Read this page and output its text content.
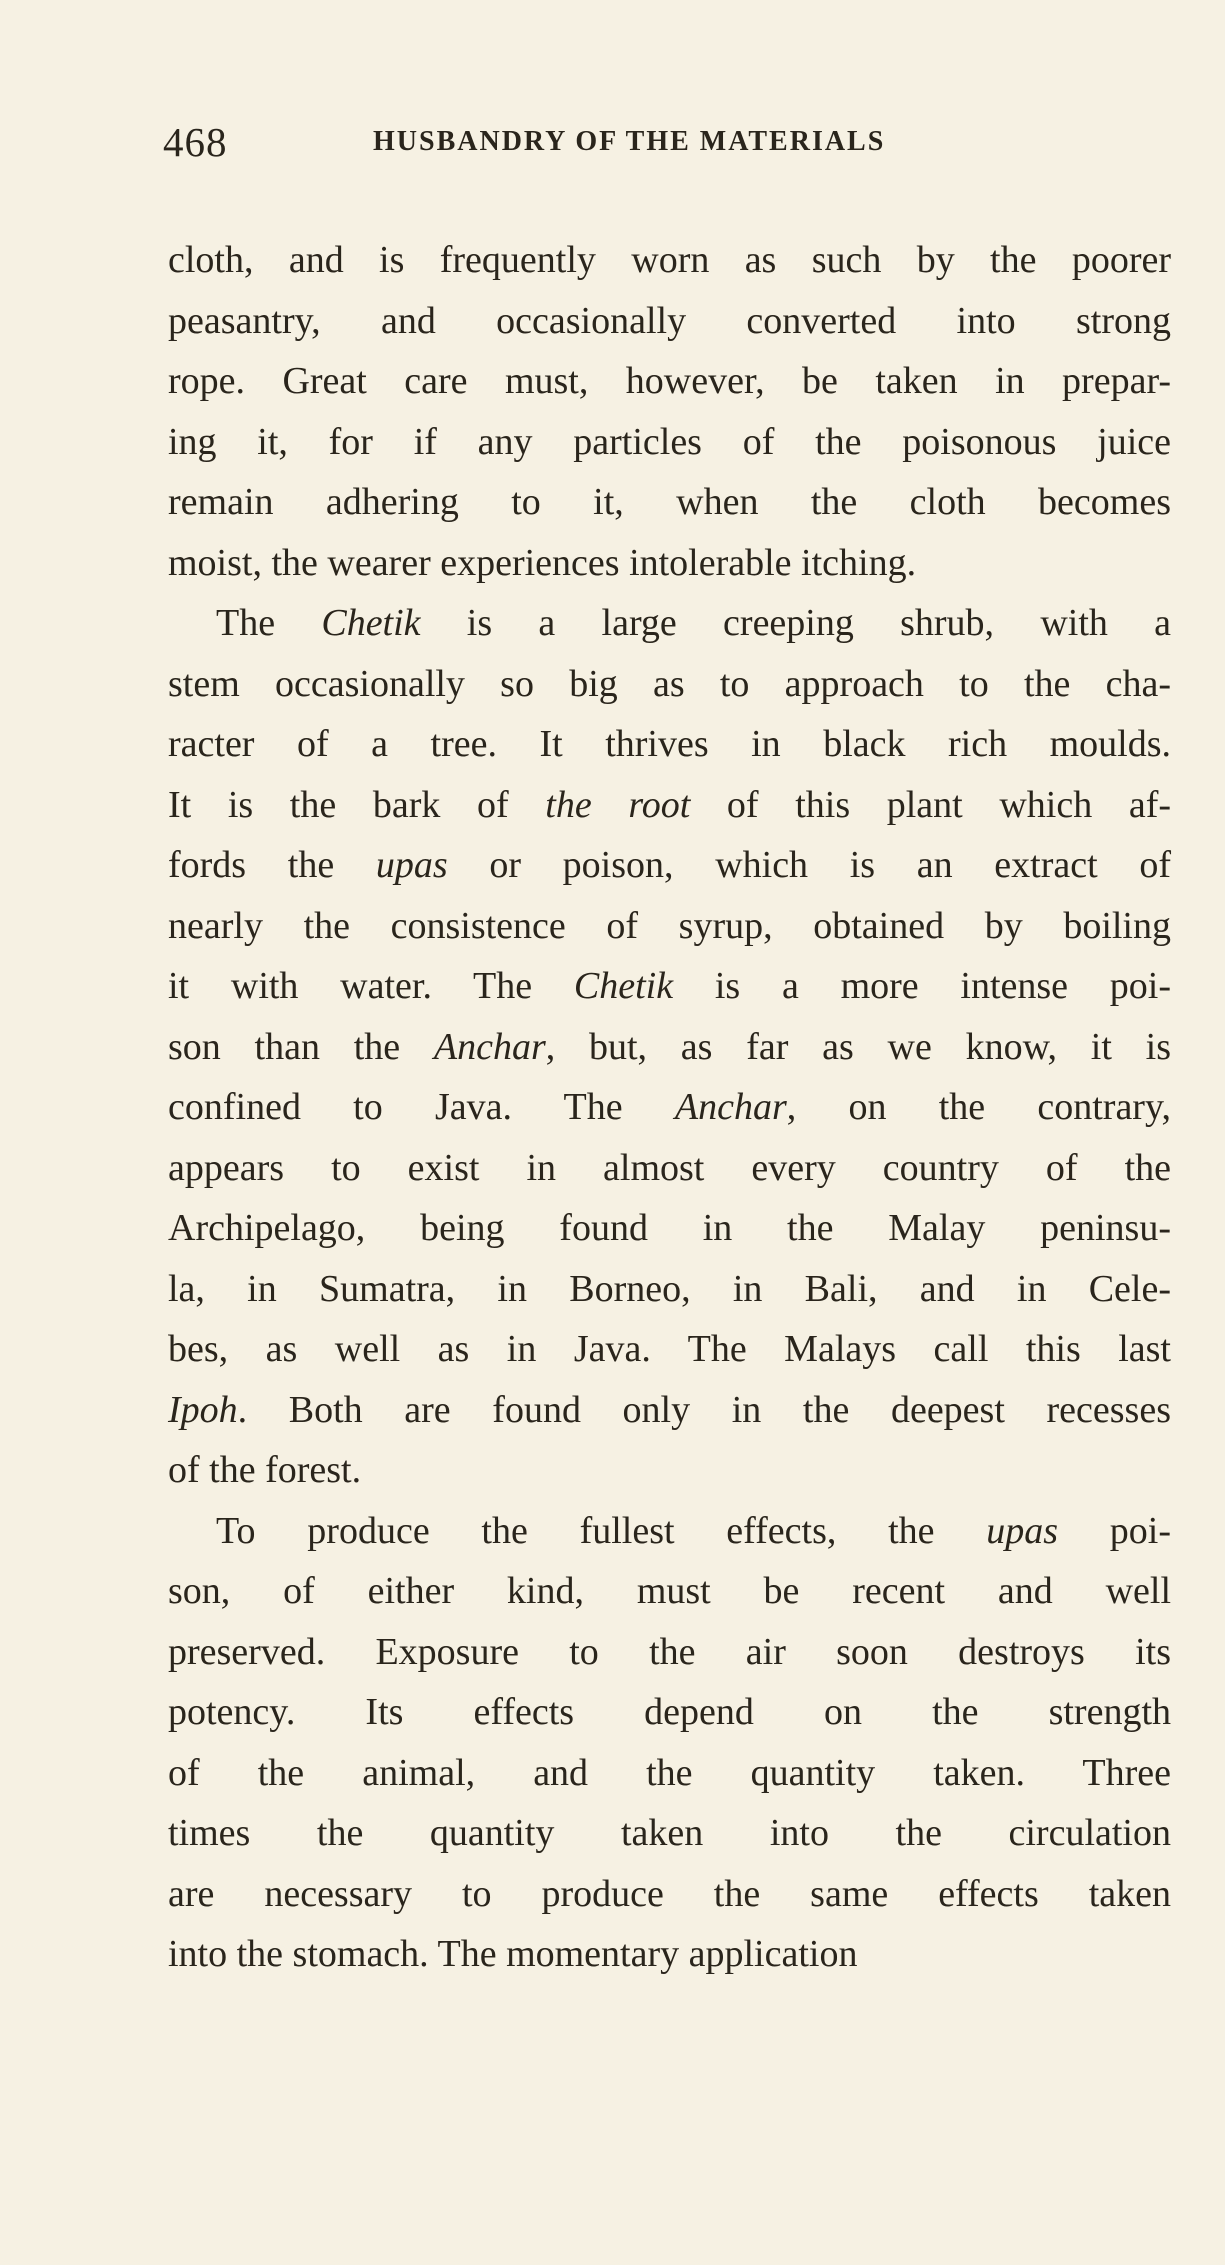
468	HUSBANDRY OF THE MATERIALS
cloth, and is frequently worn as such by the poorer
peasantry, and occasionally converted into strong
rope. Great care must, however, be taken in prepar-
ing it, for if any particles of the poisonous juice
remain adhering to it, when the cloth becomes
moist, the wearer experiences intolerable itching.
The Chetik is a large creeping shrub, with a
stem occasionally so big as to approach to the cha-
racter of a tree. It thrives in black rich moulds.
It is the bark of the root of this plant which af-
fords the upas or poison, which is an extract of
nearly the consistence of syrup, obtained by boiling
it with water. The Chetik is a more intense poi-
son than the Anchar, but, as far as we know, it is
confined to Java. The Anchar, on the contrary,
appears to exist in almost every country of the
Archipelago, being found in the Malay peninsu-
la, in Sumatra, in Borneo, in Bali, and in Cele-
bes, as well as in Java. The Malays call this last
Ipoh. Both are found only in the deepest recesses
of the forest.
To produce the fullest effects, the upas poi-
son, of either kind, must be recent and well
preserved. Exposure to the air soon destroys its
potency. Its effects depend on the strength
of the animal, and the quantity taken. Three
times the quantity taken into the circulation
are necessary to produce the same effects taken
into the stomach. The momentary application
